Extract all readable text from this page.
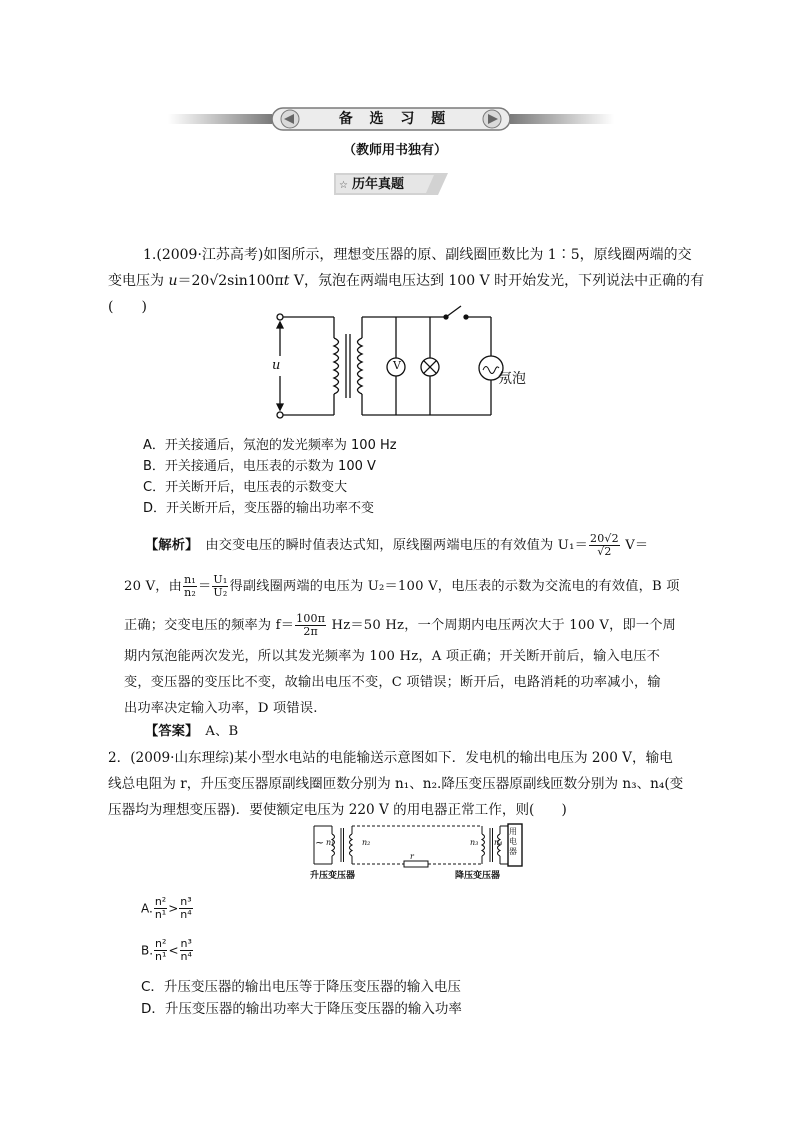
备 选 习 题
（教师用书独有）
☆ 历年真题
1.(2009·江苏高考)如图所示，理想变压器的原、副线圈匝数比为 1∶5，原线圈两端的交
变电压为 u＝20√2sin100πt V，氖泡在两端电压达到 100 V 时开始发光，下列说法中正确的有
(　　)
u	V
氖泡
A．开关接通后，氖泡的发光频率为 100 Hz
B．开关接通后，电压表的示数为 100 V
C．开关断开后，电压表的示数变大
D．开关断开后，变压器的输出功率不变
【解析】　由交变电压的瞬时值表达式知，原线圈两端电压的有效值为 $U_1= \frac{20√2}{√2} V=$
20 V，由 $\frac{\text{n₁}}{\text{n₂}} = \frac{\text{U₁}}{\text{U₂}}$ 得副线圈两端的电压为 U₂＝100 V，电压表的示数为交流电的有效值，B 项
正确；交变电压的频率为 $f= \frac{100\pi}{2\pi} Hz=50$ Hz，一个周期内电压两次大于 100 V，即一个周
期内氖泡能两次发光，所以其发光频率为 100 Hz，A 项正确；开关断开前后，输入电压不
变，变压器的变压比不变，故输出电压不变，C 项错误；断开后，电路消耗的功率减小，输
出功率决定输入功率，D 项错误.
【答案】　A、B
2．(2009·山东理综)某小型水电站的电能输送示意图如下．发电机的输出电压为 200 V，输电
线总电阻为 r，升压变压器原副线圈匝数分别为 n₁、n₂.降压变压器原副线匝数分别为 n₃、n₄(变
压器均为理想变压器)．要使额定电压为 220 V 的用电器正常工作，则(　　)
~ n₁	n₂
r
n₃ n₄
用电器
升压变压器	降压变压器
A. $\frac{\text{n²}}{\text{n¹}} > \frac{\text{n³}}{\text{n⁴}}$
B. $\frac{\text{n²}}{\text{n¹}} < \frac{\text{n³}}{\text{n⁴}}$
C．升压变压器的输出电压等于降压变压器的输入电压
D．升压变压器的输出功率大于降压变压器的输入功率
